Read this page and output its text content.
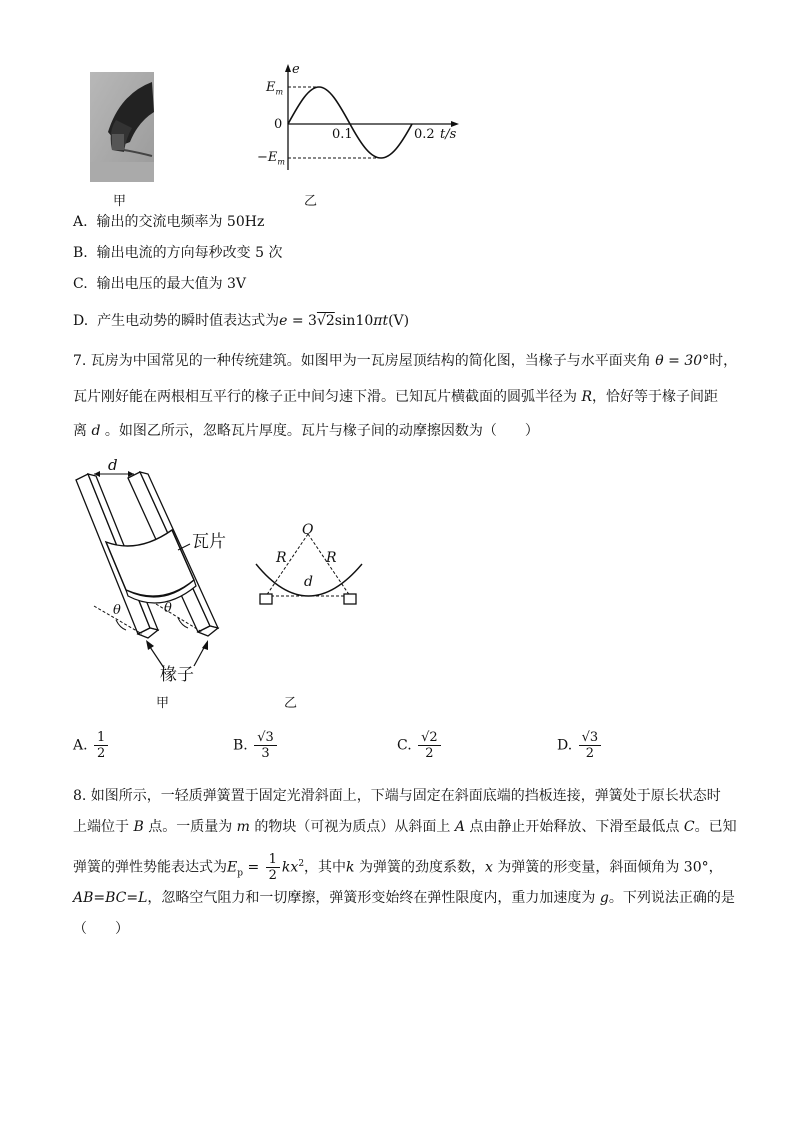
甲
e
$E_m$
0
0.1	0.2 t/s
$-E_m$
乙
A. 输出的交流电频率为 50Hz
B. 输出电流的方向每秒改变 5 次
C. 输出电压的最大值为 3V
D. 产生电动势的瞬时值表达式为e = 3√2sin10πt(V)
7. 瓦房为中国常见的一种传统建筑。如图甲为一瓦房屋顶结构的简化图，当椽子与水平面夹角 θ = 30°时，
瓦片刚好能在两根相互平行的椽子正中间匀速下滑。已知瓦片横截面的圆弧半径为 R，恰好等于椽子间距
离 d 。如图乙所示，忽略瓦片厚度。瓦片与椽子间的动摩擦因数为（　　）
d
瓦片
θ	θ
椽子
甲
O
R	R
d
乙
A. $\frac{1}{2}$	B. $\frac{√3}{3}$	C. $\frac{√2}{2}$	D. $\frac{√3}{2}$
8. 如图所示，一轻质弹簧置于固定光滑斜面上，下端与固定在斜面底端的挡板连接，弹簧处于原长状态时
上端位于 B 点。一质量为 m 的物块（可视为质点）从斜面上 A 点由静止开始释放、下滑至最低点 C。已知
弹簧的弹性势能表达式为$E_p = \frac{1}{2} kx^2$，其中k 为弹簧的劲度系数，x 为弹簧的形变量，斜面倾角为 30°，
AB=BC=L，忽略空气阻力和一切摩擦，弹簧形变始终在弹性限度内，重力加速度为 g。下列说法正确的是
（　　）
